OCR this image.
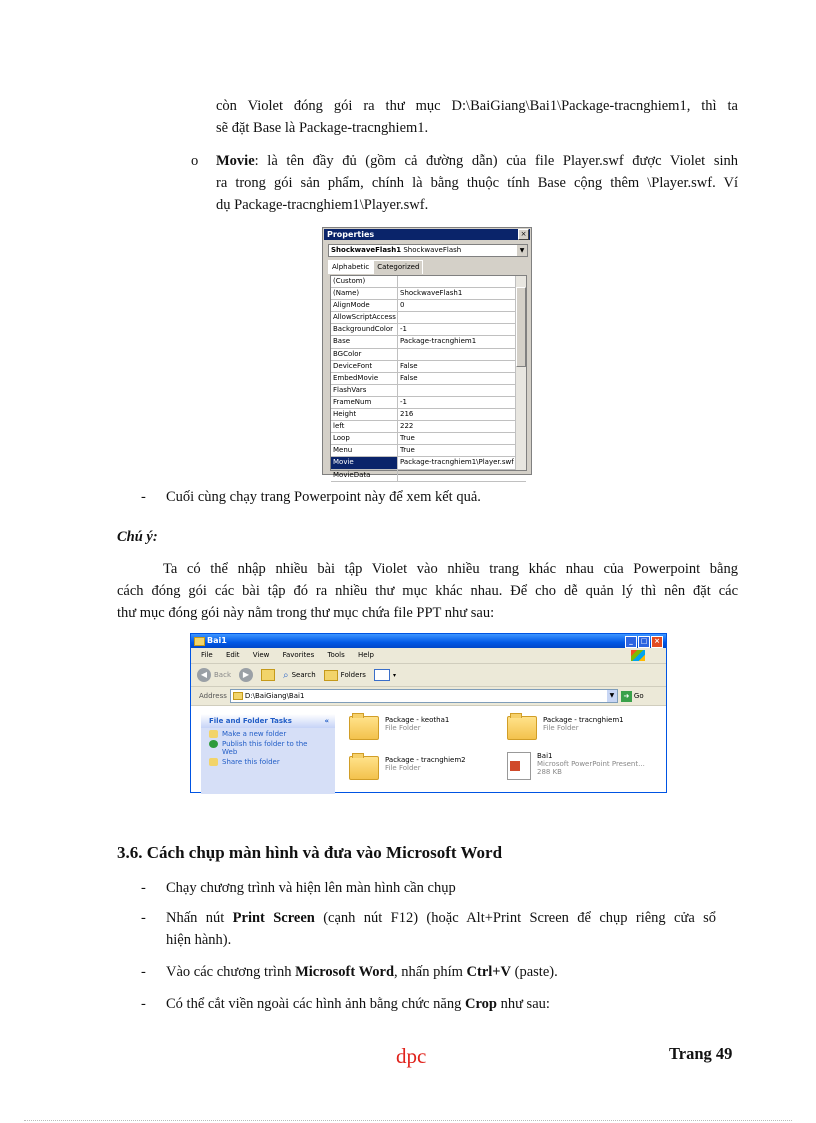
còn Violet đóng gói ra thư mục D:\BaiGiang\Bai1\Package-tracnghiem1, thì ta
sẽ đặt Base là Package-tracnghiem1.
o Movie: là tên đầy đủ (gồm cả đường dẫn) của file Player.swf được Violet sinh
ra trong gói sản phẩm, chính là bằng thuộc tính Base cộng thêm \Player.swf. Ví
dụ Package-tracnghiem1\Player.swf.
Properties	×
ShockwaveFlash1 ShockwaveFlash	▼
Alphabetic Categorized
(Custom)
(Name)	ShockwaveFlash1
AlignMode	0
AllowScriptAccess
BackgroundColor -1
Base	Package-tracnghiem1
BGColor
DeviceFont	False
EmbedMovie	False
FlashVars
FrameNum	-1
Height	216
left	222
Loop	True
Menu	True
Movie	Package-tracnghiem1\Player.swf
MovieData
- Cuối cùng chạy trang Powerpoint này để xem kết quả.
Chú ý:
Ta có thể nhập nhiều bài tập Violet vào nhiều trang khác nhau của Powerpoint bằng
cách đóng gói các bài tập đó ra nhiều thư mục khác nhau. Để cho dễ quản lý thì nên đặt các
thư mục đóng gói này nằm trong thư mục chứa file PPT như sau:
Bai1	_	□ ×
File Edit View Favorites Tools Help
◀ Back	▶	⌕ Search	Folders	▾
Address	D:\BaiGiang\Bai1	▼	➜ Go
File and Folder Tasks	«
Make a new folder
Publish this folder to the Web
Share this folder
Package - keotha1
File Folder
Package - tracnghiem1
File Folder
Package - tracnghiem2
File Folder
Bai1
Microsoft PowerPoint Present...
288 KB
3.6. Cách chụp màn hình và đưa vào Microsoft Word
- Chạy chương trình và hiện lên màn hình cần chụp
- Nhấn nút Print Screen (cạnh nút F12) (hoặc Alt+Print Screen để chụp riêng cửa sổ
hiện hành).
- Vào các chương trình Microsoft Word, nhấn phím Ctrl+V (paste).
- Có thể cắt viền ngoài các hình ảnh bằng chức năng Crop như sau:
dpc	Trang 49
